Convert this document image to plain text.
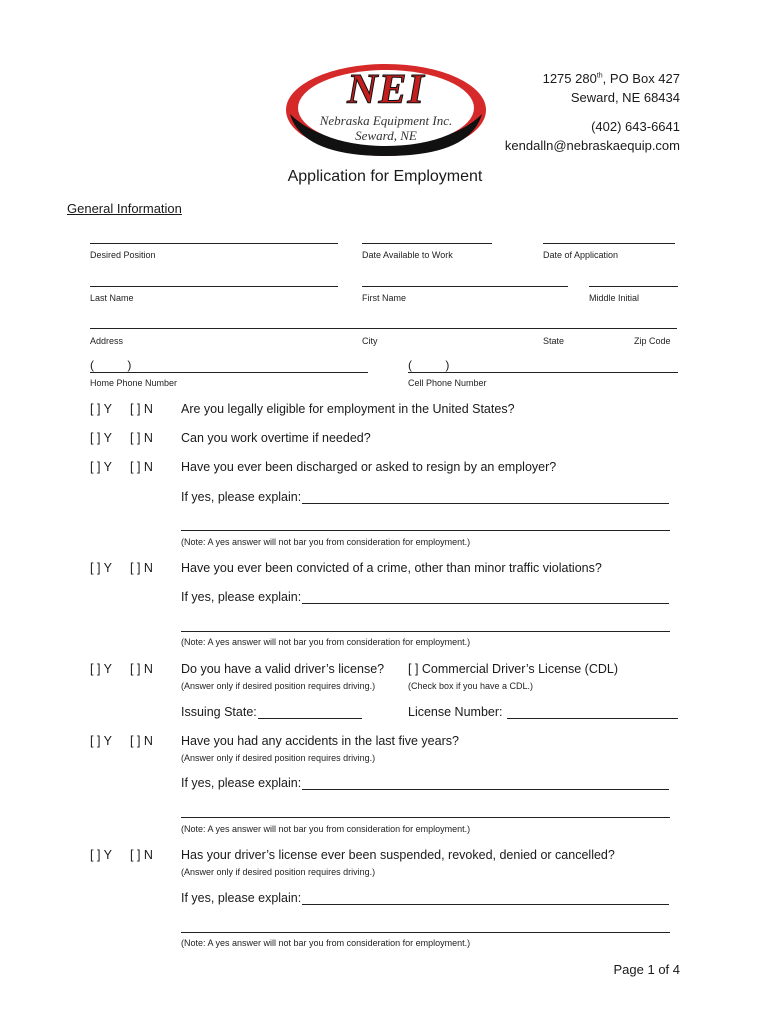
NEI
Nebraska Equipment Inc.
Seward, NE
1275 280th, PO Box 427
Seward, NE 68434
(402) 643-6641
kendalln@nebraskaequip.com
Application for Employment
General Information
Desired Position	Date Available to Work	Date of Application
Last Name	First Name	Middle Initial
Address	City	State	Zip Code
(          )	(          )
Home Phone Number	Cell Phone Number
[ ] Y [ ] N Are you legally eligible for employment in the United States?
[ ] Y [ ] N Can you work overtime if needed?
[ ] Y [ ] N Have you ever been discharged or asked to resign by an employer?
If yes, please explain:
(Note: A yes answer will not bar you from consideration for employment.)
[ ] Y [ ] N Have you ever been convicted of a crime, other than minor traffic violations?
If yes, please explain:
(Note: A yes answer will not bar you from consideration for employment.)
[ ] Y [ ] N Do you have a valid driver’s license?
(Answer only if desired position requires driving.)
[ ] Commercial Driver’s License (CDL)
(Check box if you have a CDL.)
Issuing State:	License Number:
[ ] Y [ ] N Have you had any accidents in the last five years?
(Answer only if desired position requires driving.)
If yes, please explain:
(Note: A yes answer will not bar you from consideration for employment.)
[ ] Y [ ] N Has your driver’s license ever been suspended, revoked, denied or cancelled?
(Answer only if desired position requires driving.)
If yes, please explain:
(Note: A yes answer will not bar you from consideration for employment.)
Page 1 of 4
